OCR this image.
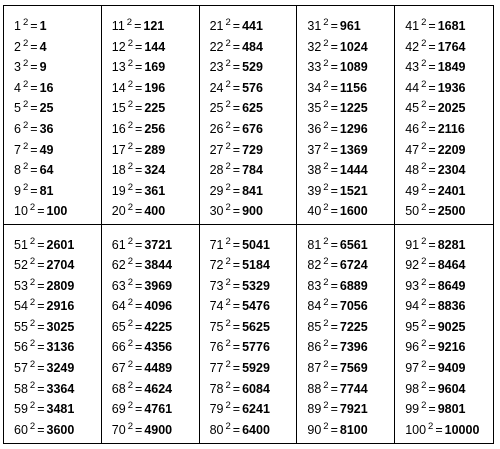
1 $^2$ = 1
2 $^2$ = 4
3 $^2$ = 9
4 $^2$ = 16
5 $^2$ = 25
6 $^2$ = 36
7 $^2$ = 49
8 $^2$ = 64
9 $^2$ = 81
10 $^2$ = 100
11 $^2$ = 121
12 $^2$ = 144
13 $^2$ = 169
14 $^2$ = 196
15 $^2$ = 225
16 $^2$ = 256
17 $^2$ = 289
18 $^2$ = 324
19 $^2$ = 361
20 $^2$ = 400
21 $^2$ = 441
22 $^2$ = 484
23 $^2$ = 529
24 $^2$ = 576
25 $^2$ = 625
26 $^2$ = 676
27 $^2$ = 729
28 $^2$ = 784
29 $^2$ = 841
30 $^2$ = 900
31 $^2$ = 961
32 $^2$ = 1024
33 $^2$ = 1089
34 $^2$ = 1156
35 $^2$ = 1225
36 $^2$ = 1296
37 $^2$ = 1369
38 $^2$ = 1444
39 $^2$ = 1521
40 $^2$ = 1600
41 $^2$ = 1681
42 $^2$ = 1764
43 $^2$ = 1849
44 $^2$ = 1936
45 $^2$ = 2025
46 $^2$ = 2116
47 $^2$ = 2209
48 $^2$ = 2304
49 $^2$ = 2401
50 $^2$ = 2500
51 $^2$ = 2601
52 $^2$ = 2704
53 $^2$ = 2809
54 $^2$ = 2916
55 $^2$ = 3025
56 $^2$ = 3136
57 $^2$ = 3249
58 $^2$ = 3364
59 $^2$ = 3481
60 $^2$ = 3600
61 $^2$ = 3721
62 $^2$ = 3844
63 $^2$ = 3969
64 $^2$ = 4096
65 $^2$ = 4225
66 $^2$ = 4356
67 $^2$ = 4489
68 $^2$ = 4624
69 $^2$ = 4761
70 $^2$ = 4900
71 $^2$ = 5041
72 $^2$ = 5184
73 $^2$ = 5329
74 $^2$ = 5476
75 $^2$ = 5625
76 $^2$ = 5776
77 $^2$ = 5929
78 $^2$ = 6084
79 $^2$ = 6241
80 $^2$ = 6400
81 $^2$ = 6561
82 $^2$ = 6724
83 $^2$ = 6889
84 $^2$ = 7056
85 $^2$ = 7225
86 $^2$ = 7396
87 $^2$ = 7569
88 $^2$ = 7744
89 $^2$ = 7921
90 $^2$ = 8100
91 $^2$ = 8281
92 $^2$ = 8464
93 $^2$ = 8649
94 $^2$ = 8836
95 $^2$ = 9025
96 $^2$ = 9216
97 $^2$ = 9409
98 $^2$ = 9604
99 $^2$ = 9801
100 $^2$ = 10000
